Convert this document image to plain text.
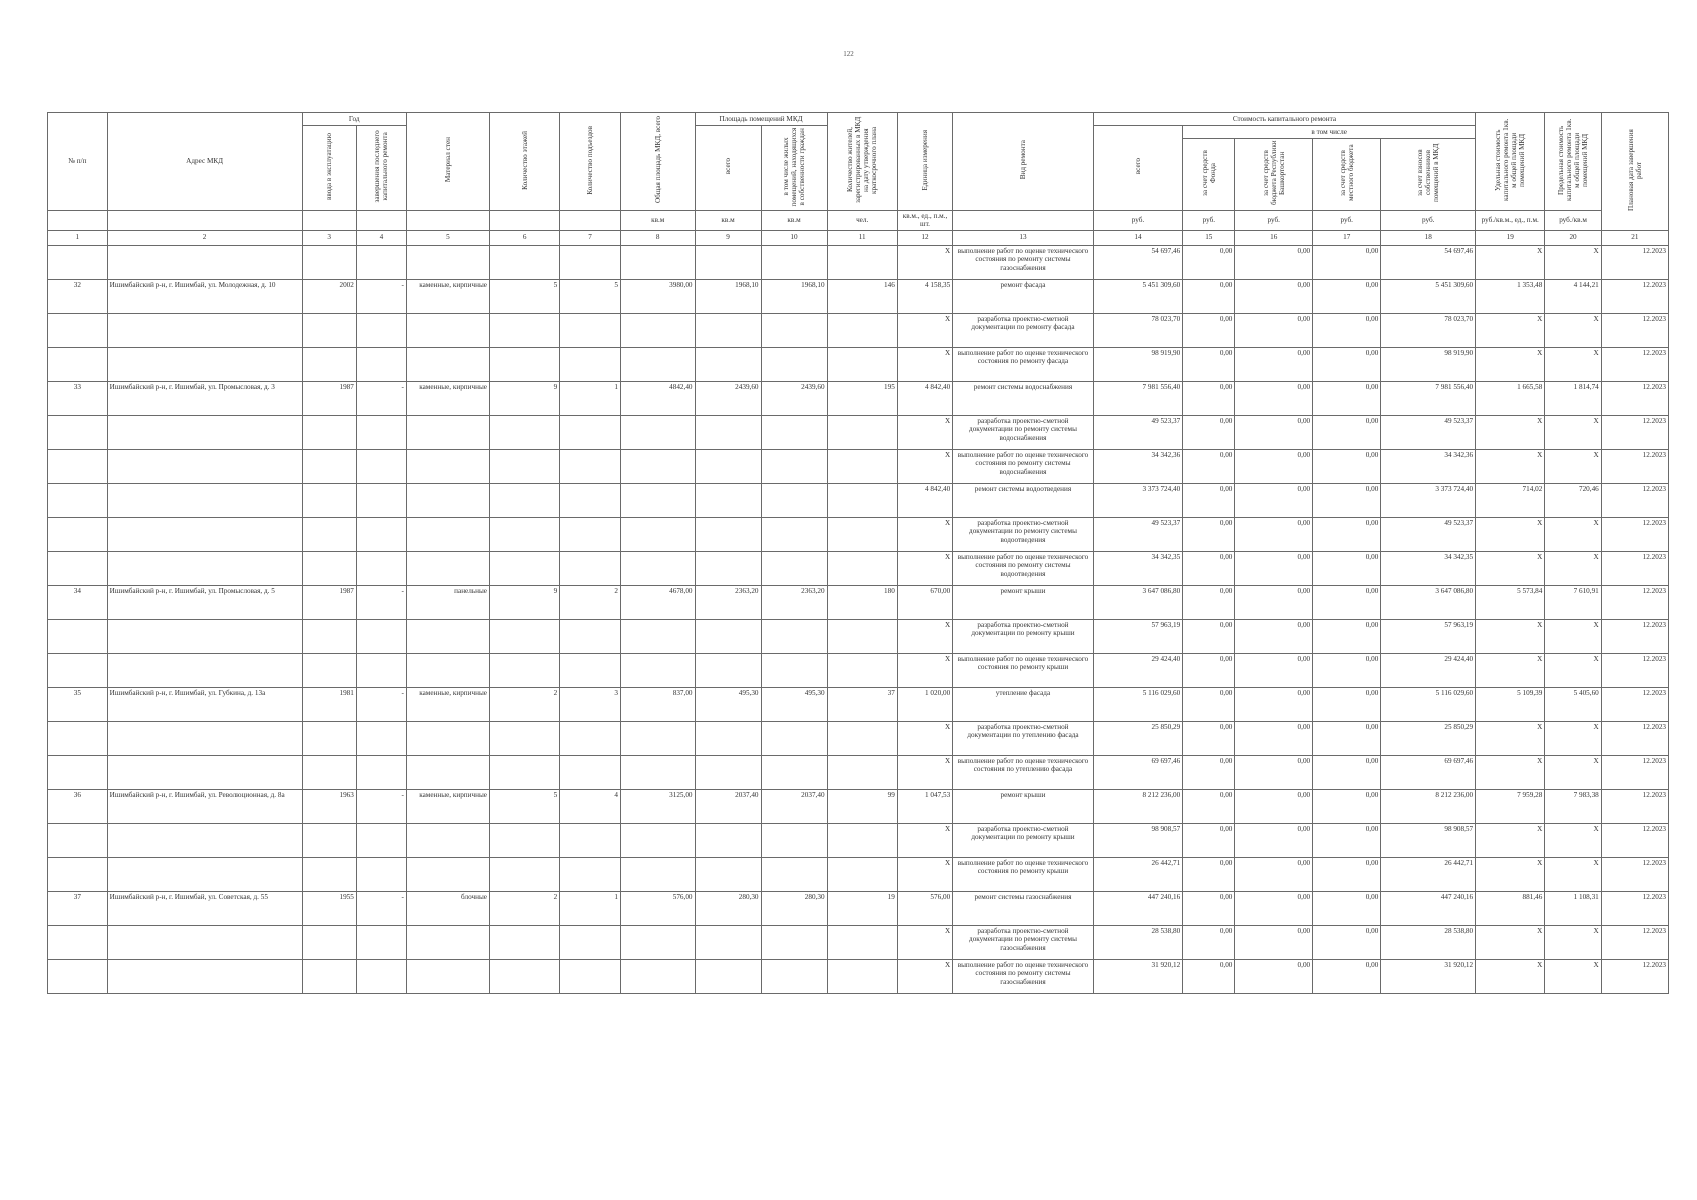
122
№ п/п	Адрес МКД	Год		Материал стен	Количество этажей	Количество подъездов	Общая площадь МКД, всего	Площадь помещений МКД		Количество жителей, зарегистрированных в МКД на дату утверждения краткосрочного плана	Единица измерения	Вид ремонта	Стоимость капитального ремонта					Удельная стоимость капитального ремонта 1кв. м общей площади помещений МКД	Предельная стоимость капитального ремонта 1кв. м общей площади помещений МКД	Плановая дата завершения работ
		ввода в эксплуатацию	завершения последнего капитального ремонта					всего	в том числе жилых помещений, находящихся в собственности граждан				всего	в том числе						
														за счет средств Фонда	за счет средств бюджета Республики Башкортостан	за счет средств местного бюджета	за счет взносов собственников помещений в МКД			
							кв.м	кв.м	кв.м	чел.	кв.м., ед., п.м., шт.		руб.	руб.	руб.	руб.	руб.	руб./кв.м., ед., п.м.	руб./кв.м	
1	2	3	4	5	6	7	8	9	10	11	12	13	14	15	16	17	18	19	20	21
											X	выполнение работ по оценке технического состояния по ремонту системы газоснабжения	54 697,46	0,00	0,00	0,00	54 697,46	X	X	12.2023
32	Ишимбайский р-н, г. Ишимбай, ул. Молодежная, д. 10	2002	-	каменные, кирпичные	5	5	3980,00	1968,10	1968,10	146	4 158,35	ремонт фасада	5 451 309,60	0,00	0,00	0,00	5 451 309,60	1 353,48	4 144,21	12.2023
											X	разработка проектно-сметной документации по ремонту фасада	78 023,70	0,00	0,00	0,00	78 023,70	X	X	12.2023
											X	выполнение работ по оценке технического состояния по ремонту фасада	98 919,90	0,00	0,00	0,00	98 919,90	X	X	12.2023
33	Ишимбайский р-н, г. Ишимбай, ул. Промысловая, д. 3	1987	-	каменные, кирпичные	9	1	4842,40	2439,60	2439,60	195	4 842,40	ремонт системы водоснабжения	7 981 556,40	0,00	0,00	0,00	7 981 556,40	1 665,58	1 814,74	12.2023
											X	разработка проектно-сметной документации по ремонту системы водоснабжения	49 523,37	0,00	0,00	0,00	49 523,37	X	X	12.2023
											X	выполнение работ по оценке технического состояния по ремонту системы водоснабжения	34 342,36	0,00	0,00	0,00	34 342,36	X	X	12.2023
											4 842,40	ремонт системы водоотведения	3 373 724,40	0,00	0,00	0,00	3 373 724,40	714,02	720,46	12.2023
											X	разработка проектно-сметной документации по ремонту системы водоотведения	49 523,37	0,00	0,00	0,00	49 523,37	X	X	12.2023
											X	выполнение работ по оценке технического состояния по ремонту системы водоотведения	34 342,35	0,00	0,00	0,00	34 342,35	X	X	12.2023
34	Ишимбайский р-н, г. Ишимбай, ул. Промысловая, д. 5	1987	-	панельные	9	2	4678,00	2363,20	2363,20	180	670,00	ремонт крыши	3 647 086,80	0,00	0,00	0,00	3 647 086,80	5 573,84	7 610,91	12.2023
											X	разработка проектно-сметной документации по ремонту крыши	57 963,19	0,00	0,00	0,00	57 963,19	X	X	12.2023
											X	выполнение работ по оценке технического состояния по ремонту крыши	29 424,40	0,00	0,00	0,00	29 424,40	X	X	12.2023
35	Ишимбайский р-н, г. Ишимбай, ул. Губкина, д. 13а	1981	-	каменные, кирпичные	2	3	837,00	495,30	495,30	37	1 020,00	утепление фасада	5 116 029,60	0,00	0,00	0,00	5 116 029,60	5 109,39	5 405,60	12.2023
											X	разработка проектно-сметной документации по утеплению фасада	25 850,29	0,00	0,00	0,00	25 850,29	X	X	12.2023
											X	выполнение работ по оценке технического состояния по утеплению фасада	69 697,46	0,00	0,00	0,00	69 697,46	X	X	12.2023
36	Ишимбайский р-н, г. Ишимбай, ул. Революционная, д. 8а	1963	-	каменные, кирпичные	5	4	3125,00	2037,40	2037,40	99	1 047,53	ремонт крыши	8 212 236,00	0,00	0,00	0,00	8 212 236,00	7 959,28	7 983,38	12.2023
											X	разработка проектно-сметной документации по ремонту крыши	98 908,57	0,00	0,00	0,00	98 908,57	X	X	12.2023
											X	выполнение работ по оценке технического состояния по ремонту крыши	26 442,71	0,00	0,00	0,00	26 442,71	X	X	12.2023
37	Ишимбайский р-н, г. Ишимбай, ул. Советская, д. 55	1955	-	блочные	2	1	576,00	280,30	280,30	19	576,00	ремонт системы газоснабжения	447 240,16	0,00	0,00	0,00	447 240,16	881,46	1 108,31	12.2023
											X	разработка проектно-сметной документации по ремонту системы газоснабжения	28 538,80	0,00	0,00	0,00	28 538,80	X	X	12.2023
											X	выполнение работ по оценке технического состояния по ремонту системы газоснабжения	31 920,12	0,00	0,00	0,00	31 920,12	X	X	12.2023
